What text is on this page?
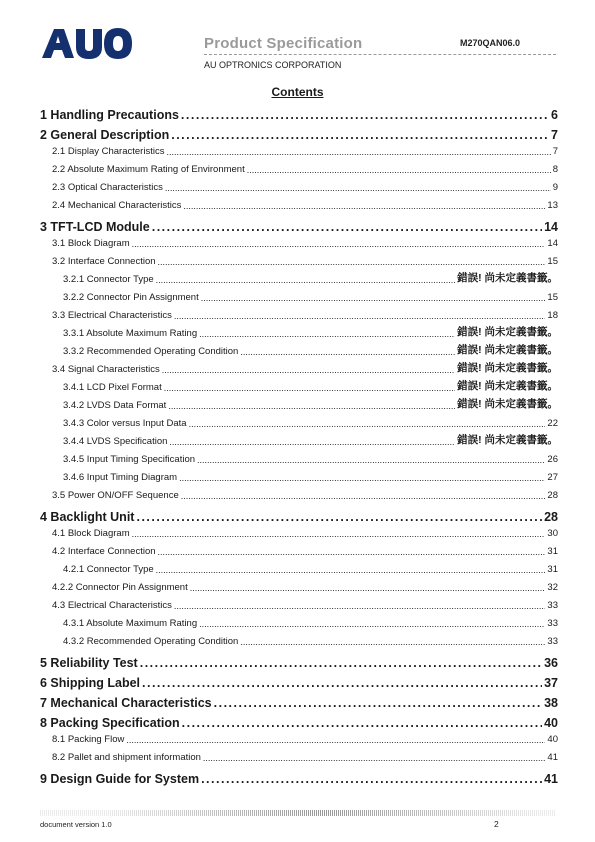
Product Specification	M270QAN06.0
AU OPTRONICS CORPORATION
Contents
1 Handling Precautions .....	6
2 General Description .....	7
2.1 Display Characteristics .....	7
2.2 Absolute Maximum Rating of Environment .....	8
2.3 Optical Characteristics .....	9
2.4 Mechanical Characteristics .....	13
3 TFT-LCD Module .....	14
3.1 Block Diagram .....	14
3.2 Interface Connection .....	15
3.2.1 Connector Type .....	錯誤! 尚未定義書籤。
3.2.2 Connector Pin Assignment .....	15
3.3 Electrical Characteristics .....	18
3.3.1 Absolute Maximum Rating .....	錯誤! 尚未定義書籤。
3.3.2 Recommended Operating Condition .....	錯誤! 尚未定義書籤。
3.4 Signal Characteristics .....	錯誤! 尚未定義書籤。
3.4.1 LCD Pixel Format .....	錯誤! 尚未定義書籤。
3.4.2 LVDS Data Format .....	錯誤! 尚未定義書籤。
3.4.3 Color versus Input Data .....	22
3.4.4 LVDS Specification .....	錯誤! 尚未定義書籤。
3.4.5 Input Timing Specification .....	26
3.4.6 Input Timing Diagram .....	27
3.5 Power ON/OFF Sequence .....	28
4 Backlight Unit .....	28
4.1 Block Diagram .....	30
4.2 Interface Connection .....	31
4.2.1 Connector Type .....	31
4.2.2 Connector Pin Assignment .....	32
4.3 Electrical Characteristics .....	33
4.3.1 Absolute Maximum Rating .....	33
4.3.2 Recommended Operating Condition .....	33
5 Reliability Test .....	36
6 Shipping Label .....	37
7 Mechanical Characteristics .....	38
8 Packing Specification .....	40
8.1 Packing Flow .....	40
8.2 Pallet and shipment information .....	41
9 Design Guide for System .....	41
document version 1.0	2
